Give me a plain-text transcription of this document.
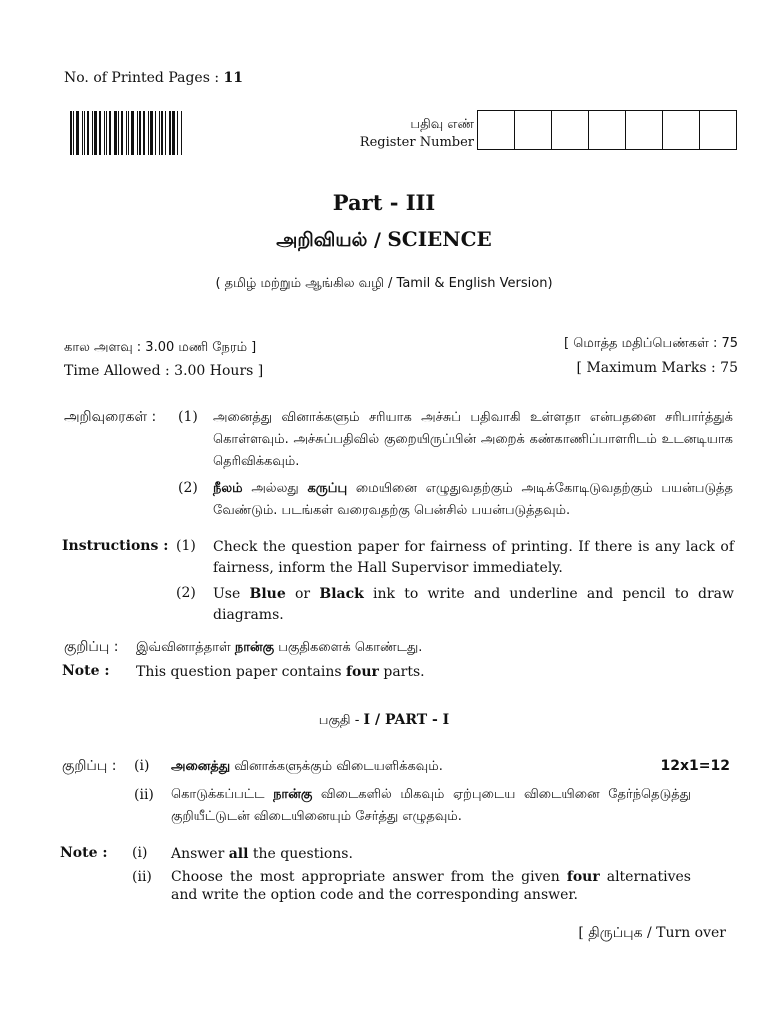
No. of Printed Pages : 11
பதிவு எண்
Register Number
Part - III
அறிவியல் / SCIENCE
( தமிழ் மற்றும் ஆங்கில வழி / Tamil & English Version)
கால அளவு : 3.00 மணி நேரம் ]
Time Allowed : 3.00 Hours ]
[ மொத்த மதிப்பெண்கள் : 75
[ Maximum Marks : 75
அறிவுரைகள் : (1) அனைத்து வினாக்களும் சரியாக அச்சுப் பதிவாகி உள்ளதா என்பதனை சரிபார்த்துக் கொள்ளவும். அச்சுப்பதிவில் குறையிருப்பின் அறைக் கண்காணிப்பாளரிடம் உடனடியாக தெரிவிக்கவும்.
(2) நீலம் அல்லது கருப்பு மையினை எழுதுவதற்கும் அடிக்கோடிடுவதற்கும் பயன்படுத்த வேண்டும். படங்கள் வரைவதற்கு பென்சில் பயன்படுத்தவும்.
Instructions : (1) Check the question paper for fairness of printing. If there is any lack of fairness, inform the Hall Supervisor immediately.
(2) Use Blue or Black ink to write and underline and pencil to draw diagrams.
குறிப்பு : இவ்வினாத்தாள் நான்கு பகுதிகளைக் கொண்டது.
Note : This question paper contains four parts.
பகுதி - I / PART - I
குறிப்பு : (i) அனைத்து வினாக்களுக்கும் விடையளிக்கவும்.	12x1=12
(ii) கொடுக்கப்பட்ட நான்கு விடைகளில் மிகவும் ஏற்புடைய விடையினை தேர்ந்தெடுத்து குறியீட்டுடன் விடையினையும் சேர்த்து எழுதவும்.
Note : (i) Answer all the questions.
(ii) Choose the most appropriate answer from the given four alternatives and write the option code and the corresponding answer.
[ திருப்புக / Turn over
